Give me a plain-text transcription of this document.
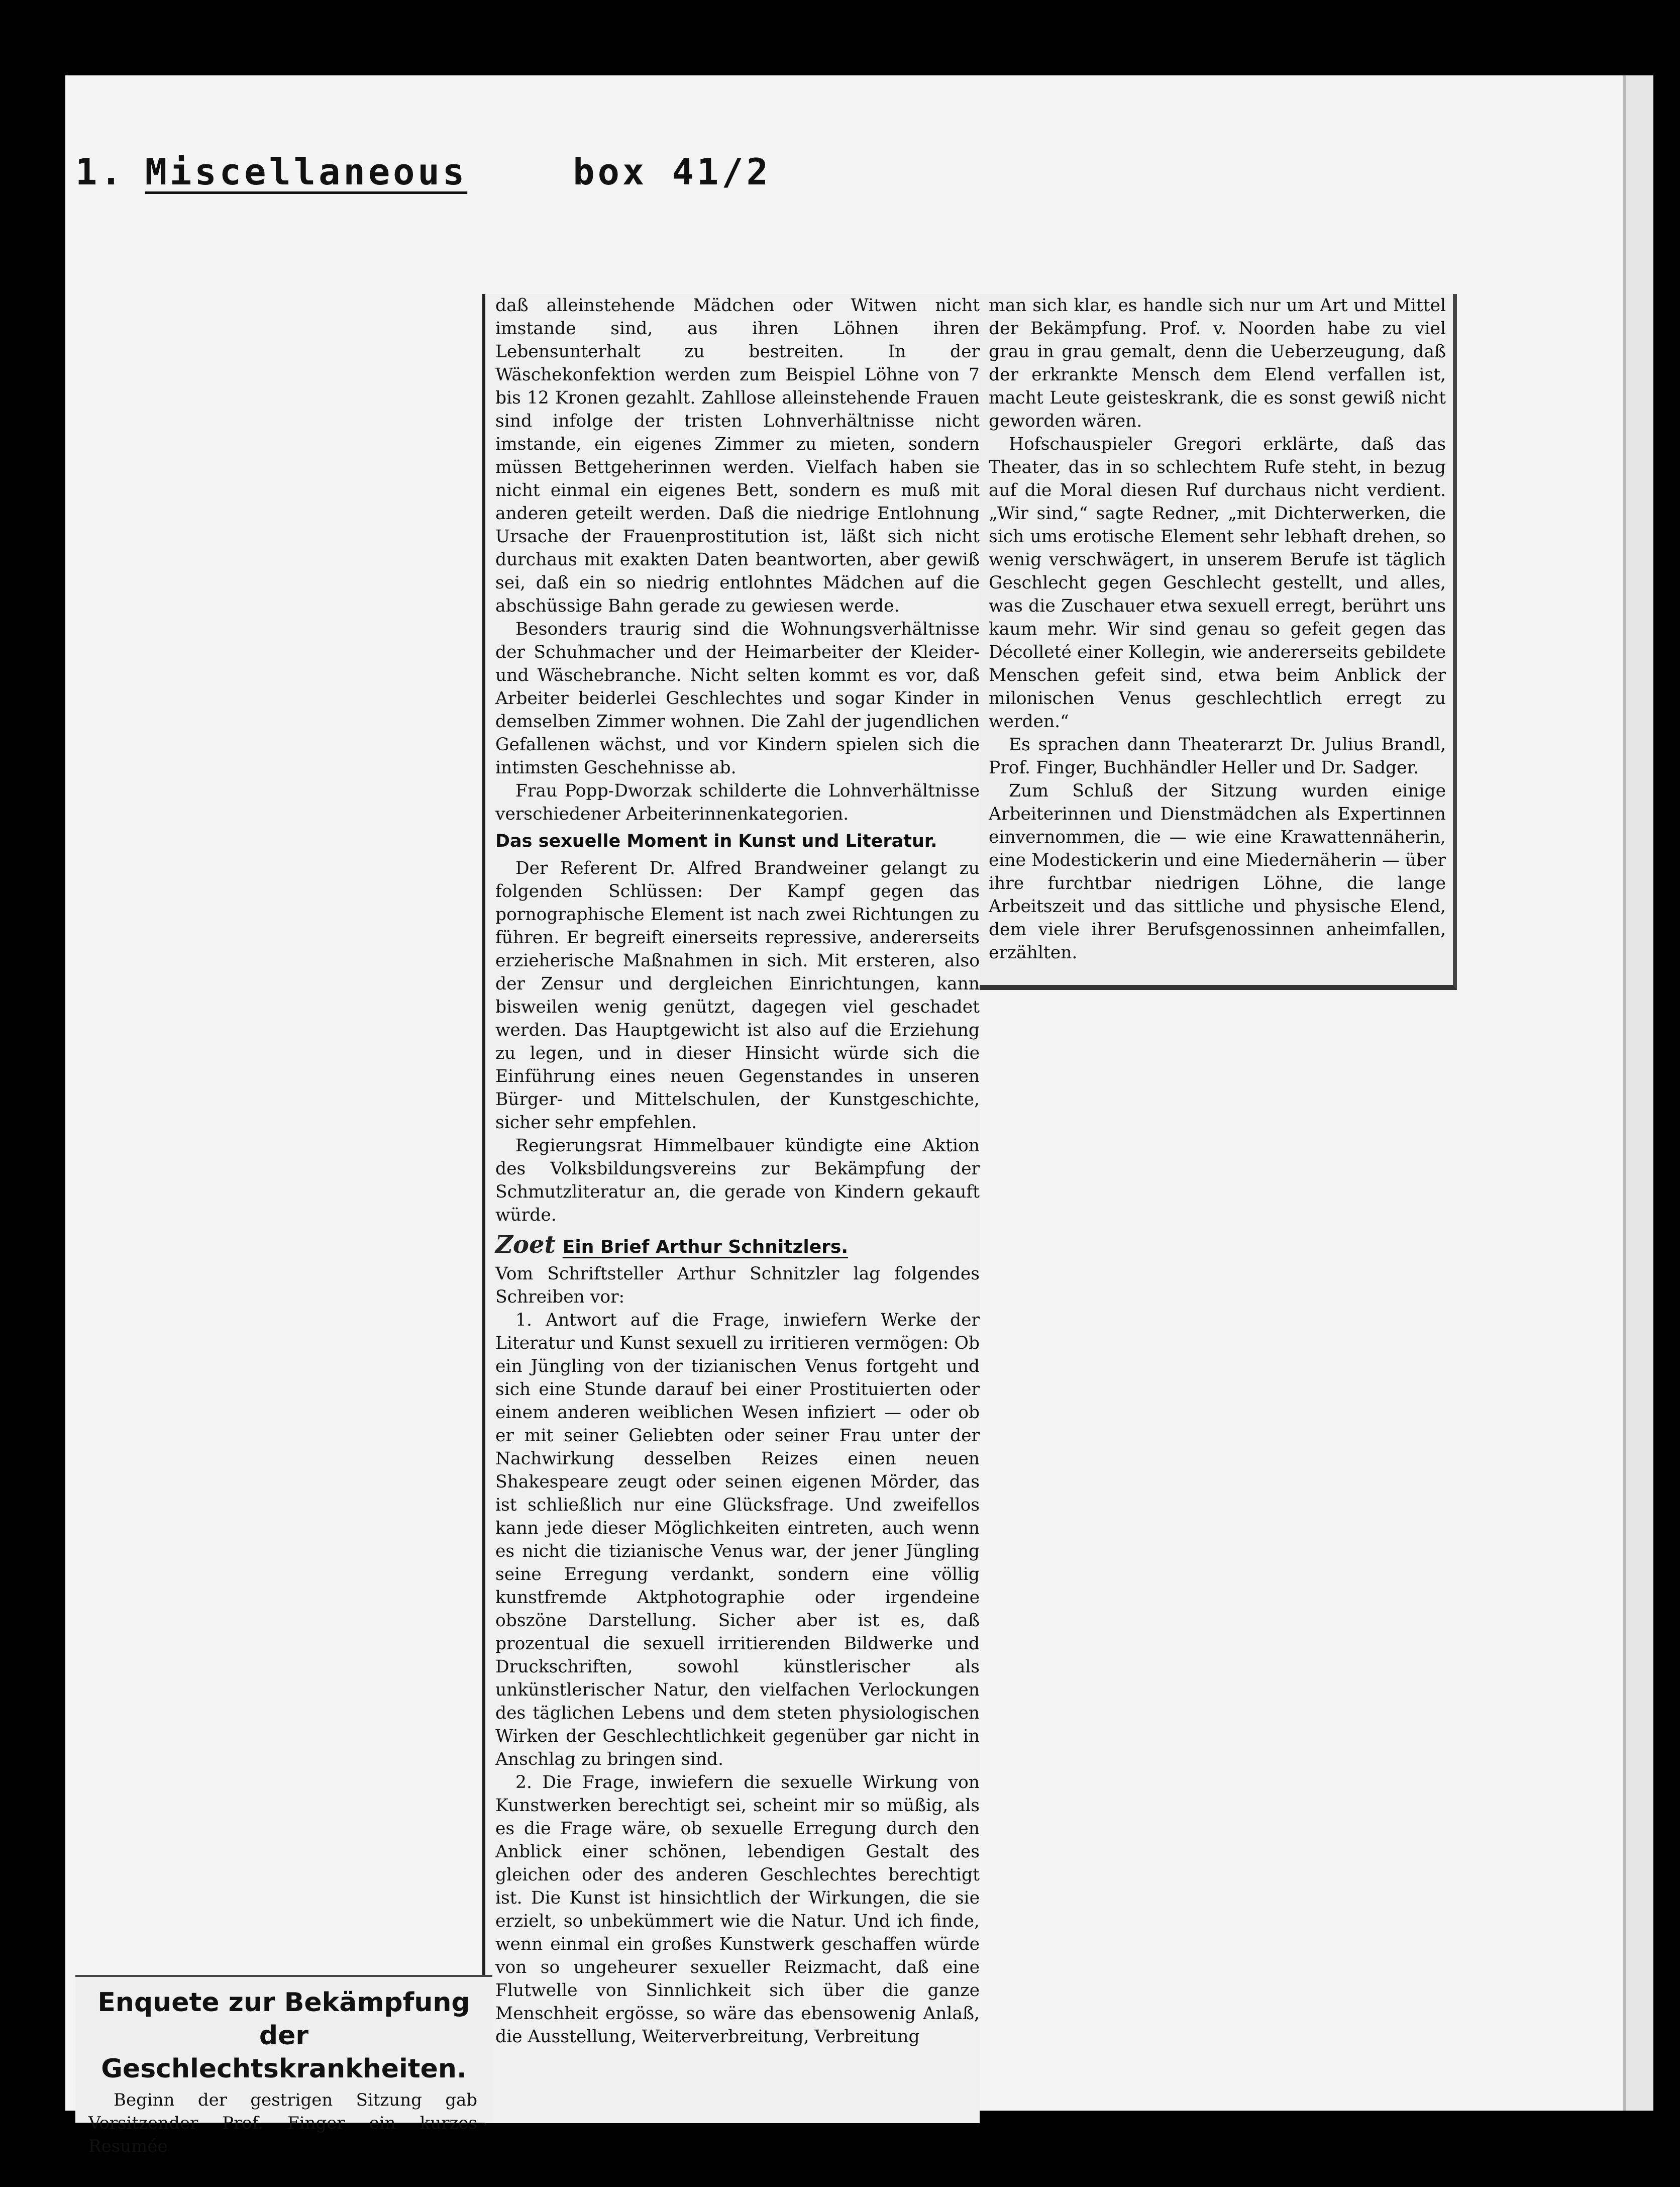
1. Miscellaneous	box 41/2

daß alleinstehende Mädchen oder Witwen nicht imstande sind, aus ihren Löhnen ihren Lebensunterhalt zu bestreiten. In der Wäschekonfektion werden zum Beispiel Löhne von 7 bis 12 Kronen gezahlt. Zahllose alleinstehende Frauen sind infolge der tristen Lohnverhältnisse nicht imstande, ein eigenes Zimmer zu mieten, sondern müssen Bettgeherinnen werden. Vielfach haben sie nicht einmal ein eigenes Bett, sondern es muß mit anderen geteilt werden. Daß die niedrige Entlohnung Ursache der Frauenprostitution ist, läßt sich nicht durchaus mit exakten Daten beantworten, aber gewiß sei, daß ein so niedrig entlohntes Mädchen auf die abschüssige Bahn gerade zu gewiesen werde.

Besonders traurig sind die Wohnungsverhältnisse der Schuhmacher und der Heimarbeiter der Kleider- und Wäschebranche. Nicht selten kommt es vor, daß Arbeiter beiderlei Geschlechtes und sogar Kinder in demselben Zimmer wohnen. Die Zahl der jugendlichen Gefallenen wächst, und vor Kindern spielen sich die intimsten Geschehnisse ab.

Frau Popp-Dworzak schilderte die Lohnverhältnisse verschiedener Arbeiterinnenkategorien.

Das sexuelle Moment in Kunst und Literatur.

Der Referent Dr. Alfred Brandweiner gelangt zu folgenden Schlüssen: Der Kampf gegen das pornographische Element ist nach zwei Richtungen zu führen. Er begreift einerseits repressive, andererseits erzieherische Maßnahmen in sich. Mit ersteren, also der Zensur und dergleichen Einrichtungen, kann bisweilen wenig genützt, dagegen viel geschadet werden. Das Hauptgewicht ist also auf die Erziehung zu legen, und in dieser Hinsicht würde sich die Einführung eines neuen Gegenstandes in unseren Bürger- und Mittelschulen, der Kunstgeschichte, sicher sehr empfehlen.

Regierungsrat Himmelbauer kündigte eine Aktion des Volksbildungsvereins zur Bekämpfung der Schmutzliteratur an, die gerade von Kindern gekauft würde.

Zoet Ein Brief Arthur Schnitzlers.

Vom Schriftsteller Arthur Schnitzler lag folgendes Schreiben vor:

1. Antwort auf die Frage, inwiefern Werke der Literatur und Kunst sexuell zu irritieren vermögen: Ob ein Jüngling von der tizianischen Venus fortgeht und sich eine Stunde darauf bei einer Prostituierten oder einem anderen weiblichen Wesen infiziert — oder ob er mit seiner Geliebten oder seiner Frau unter der Nachwirkung desselben Reizes einen neuen Shakespeare zeugt oder seinen eigenen Mörder, das ist schließlich nur eine Glücksfrage. Und zweifellos kann jede dieser Möglichkeiten eintreten, auch wenn es nicht die tizianische Venus war, der jener Jüngling seine Erregung verdankt, sondern eine völlig kunstfremde Aktphotographie oder irgendeine obszöne Darstellung. Sicher aber ist es, daß prozentual die sexuell irritierenden Bildwerke und Druckschriften, sowohl künstlerischer als unkünstlerischer Natur, den vielfachen Verlockungen des täglichen Lebens und dem steten physiologischen Wirken der Geschlechtlichkeit gegenüber gar nicht in Anschlag zu bringen sind.

2. Die Frage, inwiefern die sexuelle Wirkung von Kunstwerken berechtigt sei, scheint mir so müßig, als es die Frage wäre, ob sexuelle Erregung durch den Anblick einer schönen, lebendigen Gestalt des gleichen oder des anderen Geschlechtes berechtigt ist. Die Kunst ist hinsichtlich der Wirkungen, die sie erzielt, so unbekümmert wie die Natur. Und ich finde, wenn einmal ein großes Kunstwerk geschaffen würde von so ungeheurer sexueller Reizmacht, daß eine Flutwelle von Sinnlichkeit sich über die ganze Menschheit ergösse, so wäre das ebensowenig Anlaß, die Ausstellung, Weiterverbreitung, Verbreitung

man sich klar, es handle sich nur um Art und Mittel der Bekämpfung. Prof. v. Noorden habe zu viel grau in grau gemalt, denn die Ueberzeugung, daß der erkrankte Mensch dem Elend verfallen ist, macht Leute geisteskrank, die es sonst gewiß nicht geworden wären.

Hofschauspieler Gregori erklärte, daß das Theater, das in so schlechtem Rufe steht, in bezug auf die Moral diesen Ruf durchaus nicht verdient. „Wir sind,“ sagte Redner, „mit Dichterwerken, die sich ums erotische Element sehr lebhaft drehen, so wenig verschwägert, in unserem Berufe ist täglich Geschlecht gegen Geschlecht gestellt, und alles, was die Zuschauer etwa sexuell erregt, berührt uns kaum mehr. Wir sind genau so gefeit gegen das Décolleté einer Kollegin, wie andererseits gebildete Menschen gefeit sind, etwa beim Anblick der milonischen Venus geschlechtlich erregt zu werden.“

Es sprachen dann Theaterarzt Dr. Julius Brandl, Prof. Finger, Buchhändler Heller und Dr. Sadger.

Zum Schluß der Sitzung wurden einige Arbeiterinnen und Dienstmädchen als Expertinnen einvernommen, die — wie eine Krawattennäherin, eine Modestickerin und eine Miedernäherin — über ihre furchtbar niedrigen Löhne, die lange Arbeitszeit und das sittliche und physische Elend, dem viele ihrer Berufsgenossinnen anheimfallen, erzählten.

Enquete zur Bekämpfung der
Geschlechtskrankheiten.

Beginn der gestrigen Sitzung gab Vorsitzender Prof. Finger ein kurzes Resumée
